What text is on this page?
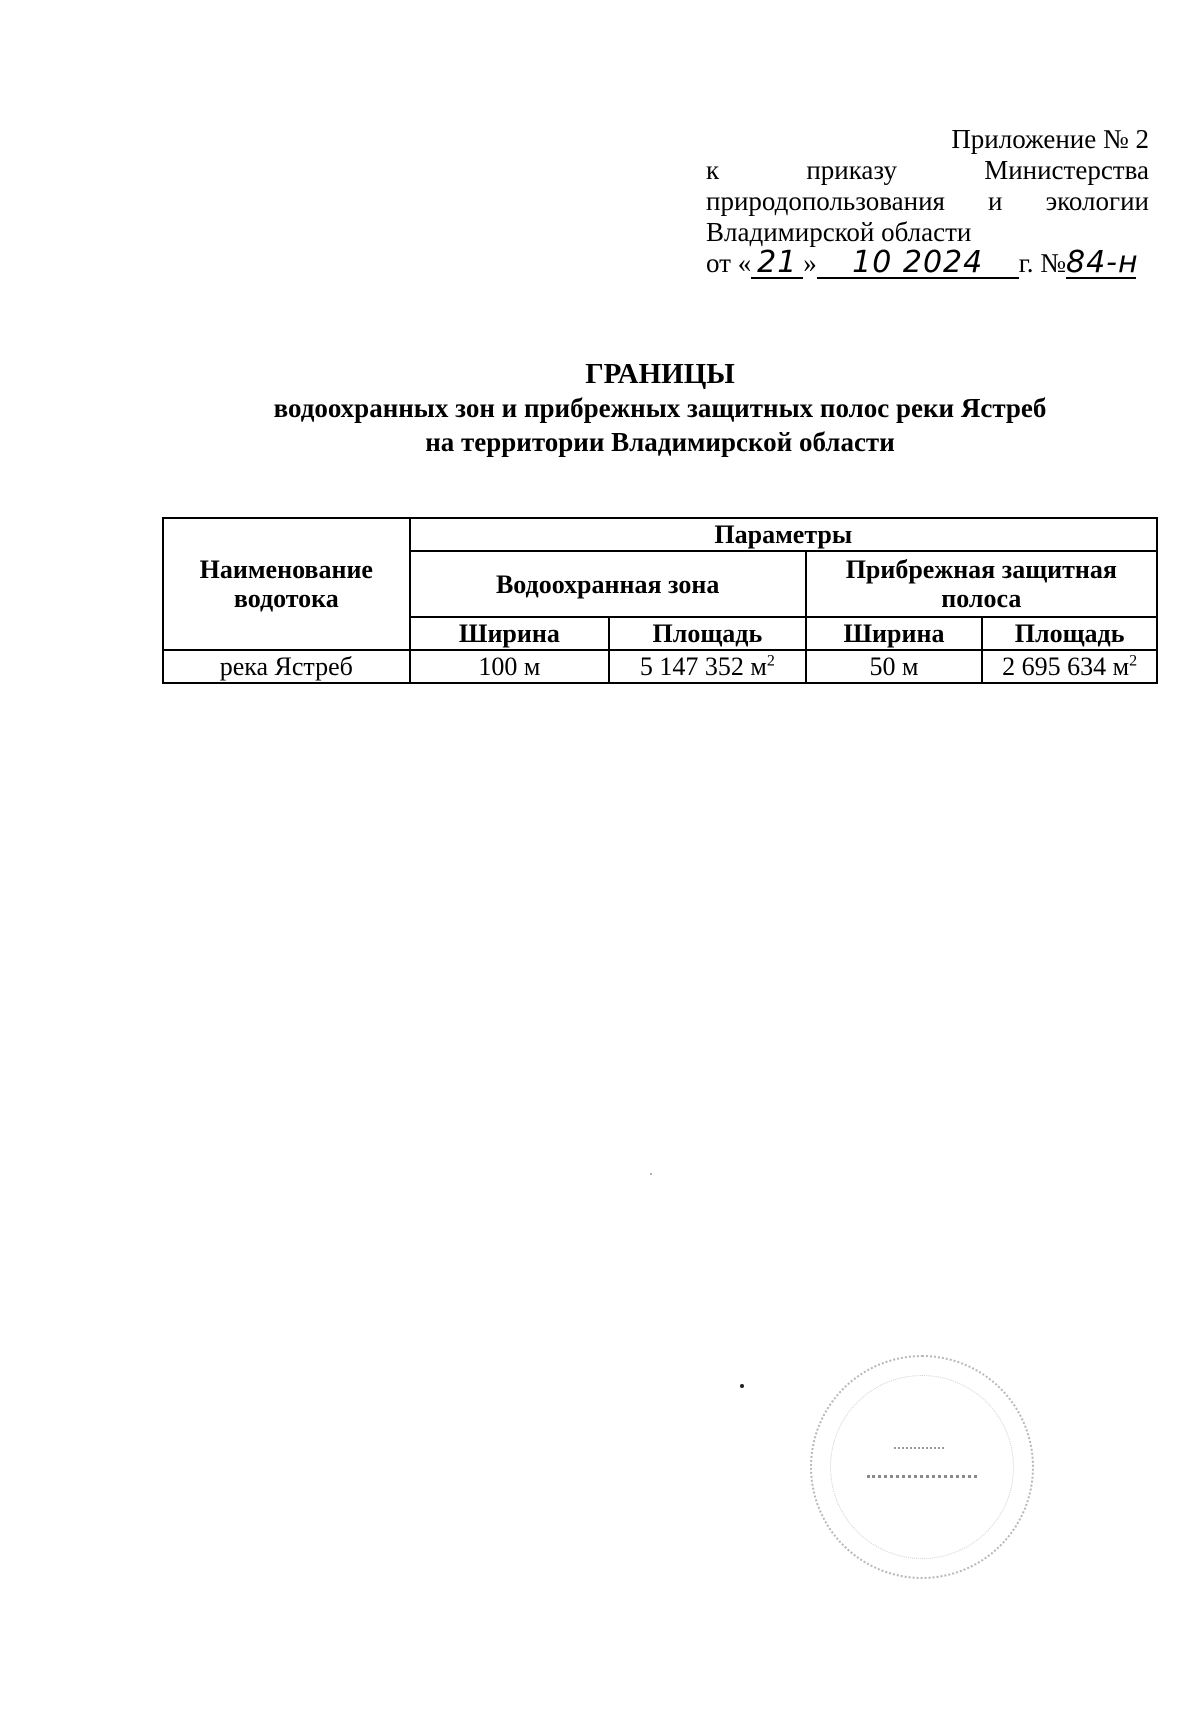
Приложение № 2
к	приказу	Министерства
природопользования и экологии
Владимирской области
от « 21 » 10 2024 г. №84-н
ГРАНИЦЫ
водоохранных зон и прибрежных защитных полос реки Ястреб
на территории Владимирской области
Наименование водотока	Параметры			
	Водоохранная зона		Прибрежная защитная полоса	
	Ширина	Площадь	Ширина	Площадь
река Ястреб	100 м	5 147 352 $м^2$	50 м	2 695 634 $м^2$
